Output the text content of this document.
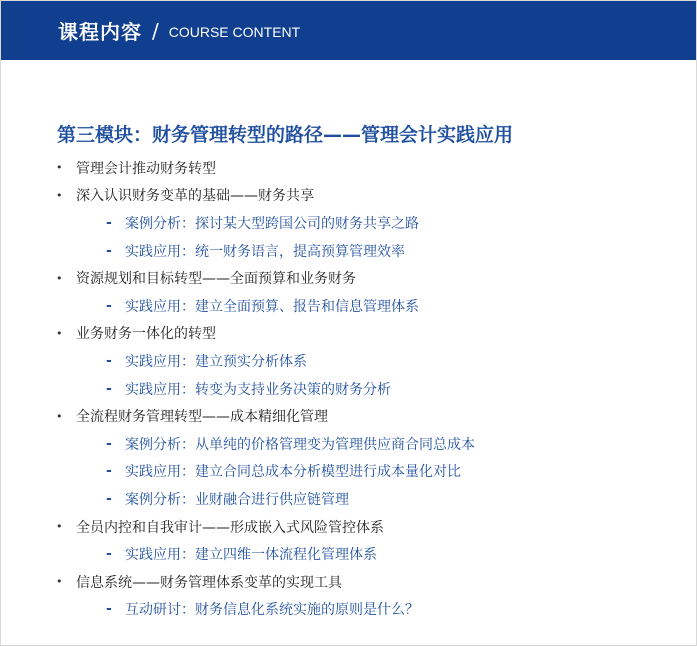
课程内容 / COURSE CONTENT
第三模块：财务管理转型的路径——管理会计实践应用
• 管理会计推动财务转型
• 深入认识财务变革的基础——财务共享
- 案例分析：探讨某大型跨国公司的财务共享之路
- 实践应用：统一财务语言，提高预算管理效率
• 资源规划和目标转型——全面预算和业务财务
- 实践应用：建立全面预算、报告和信息管理体系
• 业务财务一体化的转型
- 实践应用：建立预实分析体系
- 实践应用：转变为支持业务决策的财务分析
• 全流程财务管理转型——成本精细化管理
- 案例分析：从单纯的价格管理变为管理供应商合同总成本
- 实践应用：建立合同总成本分析模型进行成本量化对比
- 案例分析：业财融合进行供应链管理
• 全员内控和自我审计——形成嵌入式风险管控体系
- 实践应用：建立四维一体流程化管理体系
• 信息系统——财务管理体系变革的实现工具
- 互动研讨：财务信息化系统实施的原则是什么？
